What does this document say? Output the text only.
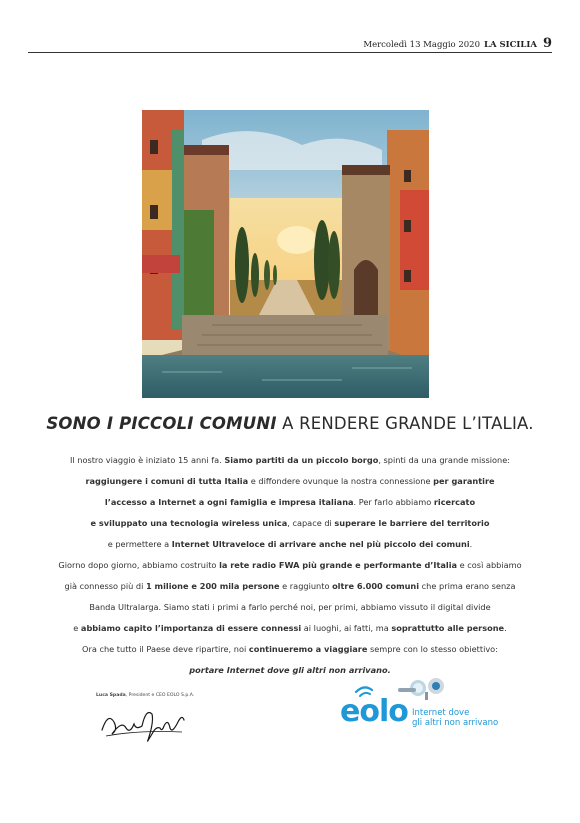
Mercoledì 13 Maggio 2020 LA SICILIA 9
SONO I PICCOLI COMUNI A RENDERE GRANDE L’ITALIA.

Il nostro viaggio è iniziato 15 anni fa. Siamo partiti da un piccolo borgo, spinti da una grande missione:

raggiungere i comuni di tutta Italia e diffondere ovunque la nostra connessione per garantire

l’accesso a Internet a ogni famiglia e impresa italiana. Per farlo abbiamo ricercato

e sviluppato una tecnologia wireless unica, capace di superare le barriere del territorio

e permettere a Internet Ultraveloce di arrivare anche nel più piccolo dei comuni.

Giorno dopo giorno, abbiamo costruito la rete radio FWA più grande e performante d’Italia e così abbiamo

già connesso più di 1 milione e 200 mila persone e raggiunto oltre 6.000 comuni che prima erano senza

Banda Ultralarga. Siamo stati i primi a farlo perché noi, per primi, abbiamo vissuto il digital divide

e abbiamo capito l’importanza di essere connessi ai luoghi, ai fatti, ma soprattutto alle persone.

Ora che tutto il Paese deve ripartire, noi continueremo a viaggiare sempre con lo stesso obiettivo:

portare Internet dove gli altri non arrivano.

Luca Spada, President e CEO EOLO S.p.A.	eolo Internet dove
gli altri non arrivano
